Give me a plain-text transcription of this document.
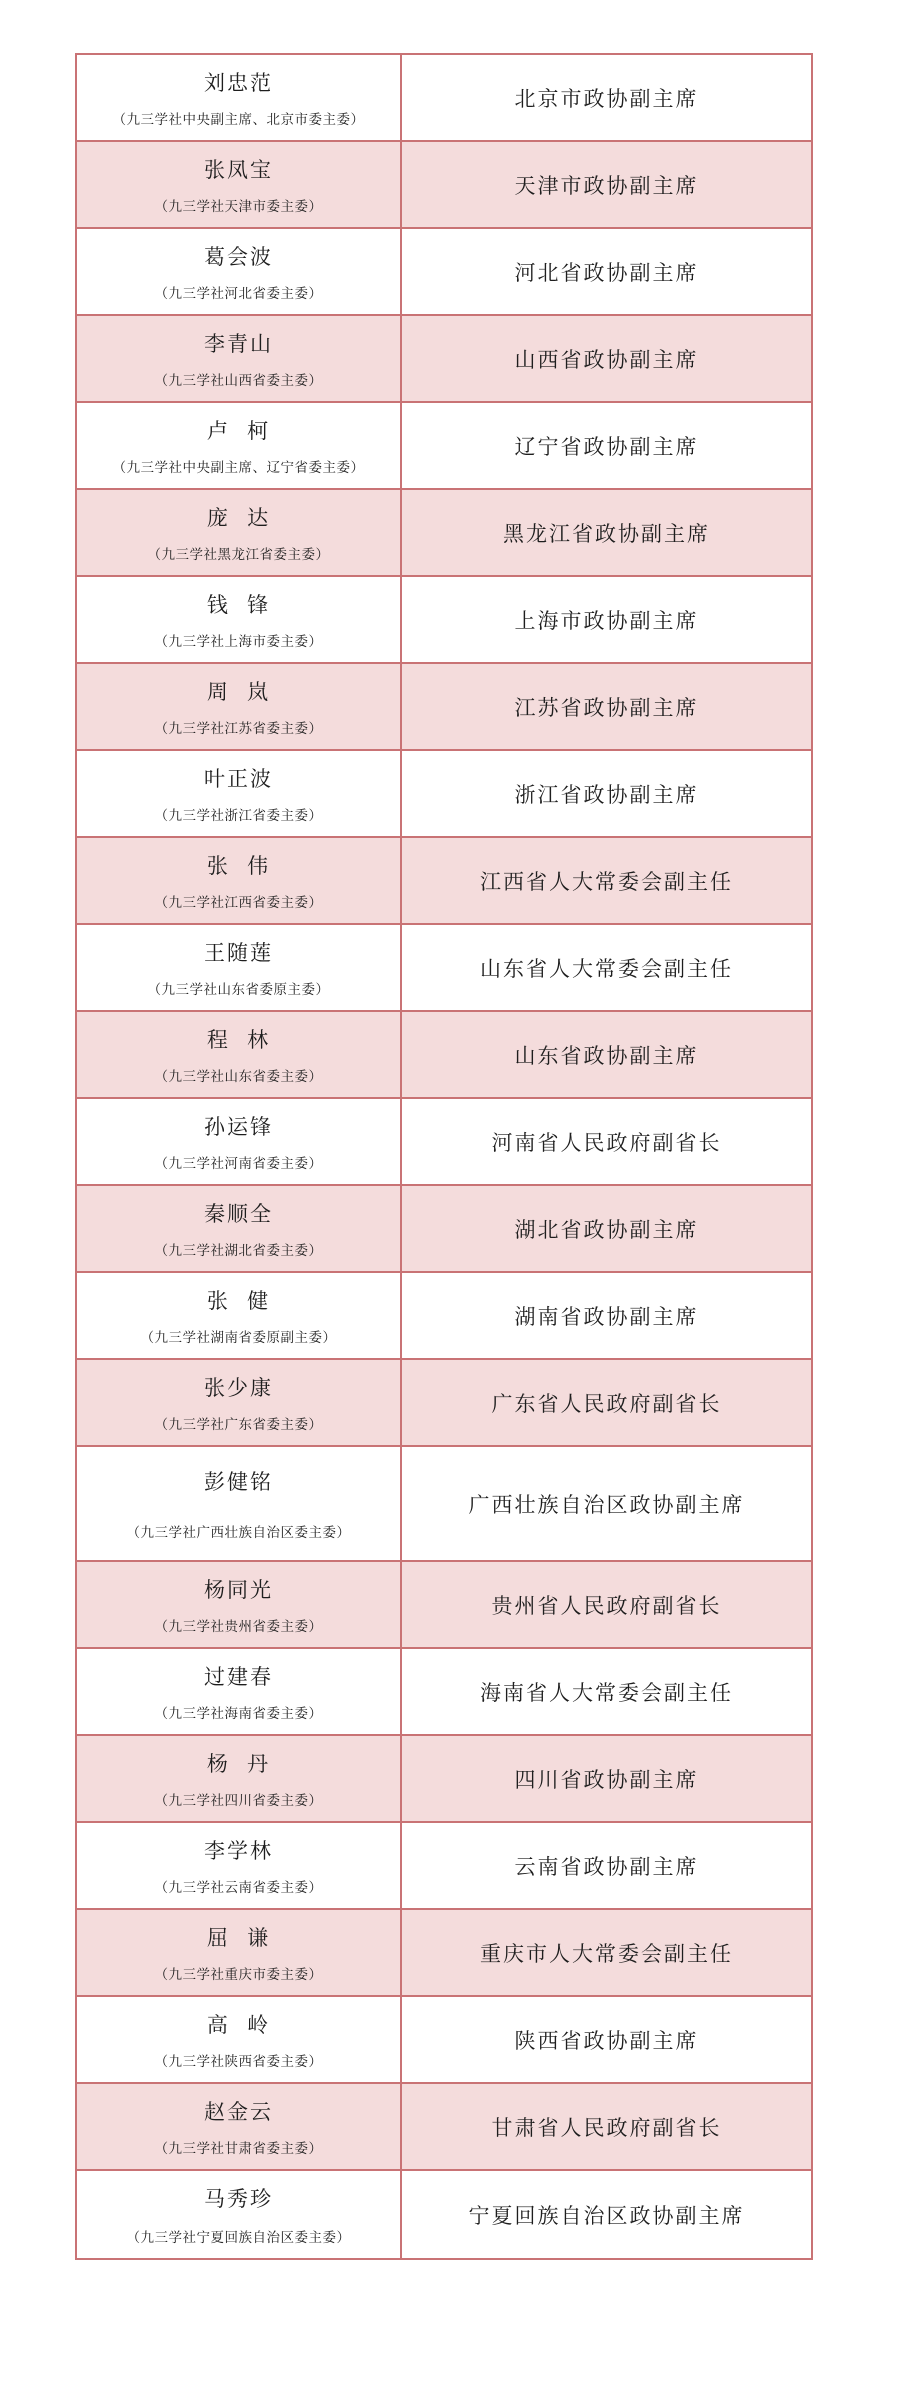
刘忠范
（九三学社中央副主席、北京市委主委）
北京市政协副主席
张凤宝
（九三学社天津市委主委）
天津市政协副主席
葛会波
（九三学社河北省委主委）
河北省政协副主席
李青山
（九三学社山西省委主委）
山西省政协副主席
卢  柯
（九三学社中央副主席、辽宁省委主委）
辽宁省政协副主席
庞  达
（九三学社黑龙江省委主委）
黑龙江省政协副主席
钱  锋
（九三学社上海市委主委）
上海市政协副主席
周  岚
（九三学社江苏省委主委）
江苏省政协副主席
叶正波
（九三学社浙江省委主委）
浙江省政协副主席
张  伟
（九三学社江西省委主委）
江西省人大常委会副主任
王随莲
（九三学社山东省委原主委）
山东省人大常委会副主任
程  林
（九三学社山东省委主委）
山东省政协副主席
孙运锋
（九三学社河南省委主委）
河南省人民政府副省长
秦顺全
（九三学社湖北省委主委）
湖北省政协副主席
张  健
（九三学社湖南省委原副主委）
湖南省政协副主席
张少康
（九三学社广东省委主委）
广东省人民政府副省长
彭健铭
（九三学社广西壮族自治区委主委）
广西壮族自治区政协副主席
杨同光
（九三学社贵州省委主委）
贵州省人民政府副省长
过建春
（九三学社海南省委主委）
海南省人大常委会副主任
杨  丹
（九三学社四川省委主委）
四川省政协副主席
李学林
（九三学社云南省委主委）
云南省政协副主席
屈  谦
（九三学社重庆市委主委）
重庆市人大常委会副主任
高  岭
（九三学社陕西省委主委）
陕西省政协副主席
赵金云
（九三学社甘肃省委主委）
甘肃省人民政府副省长
马秀珍
（九三学社宁夏回族自治区委主委）
宁夏回族自治区政协副主席
